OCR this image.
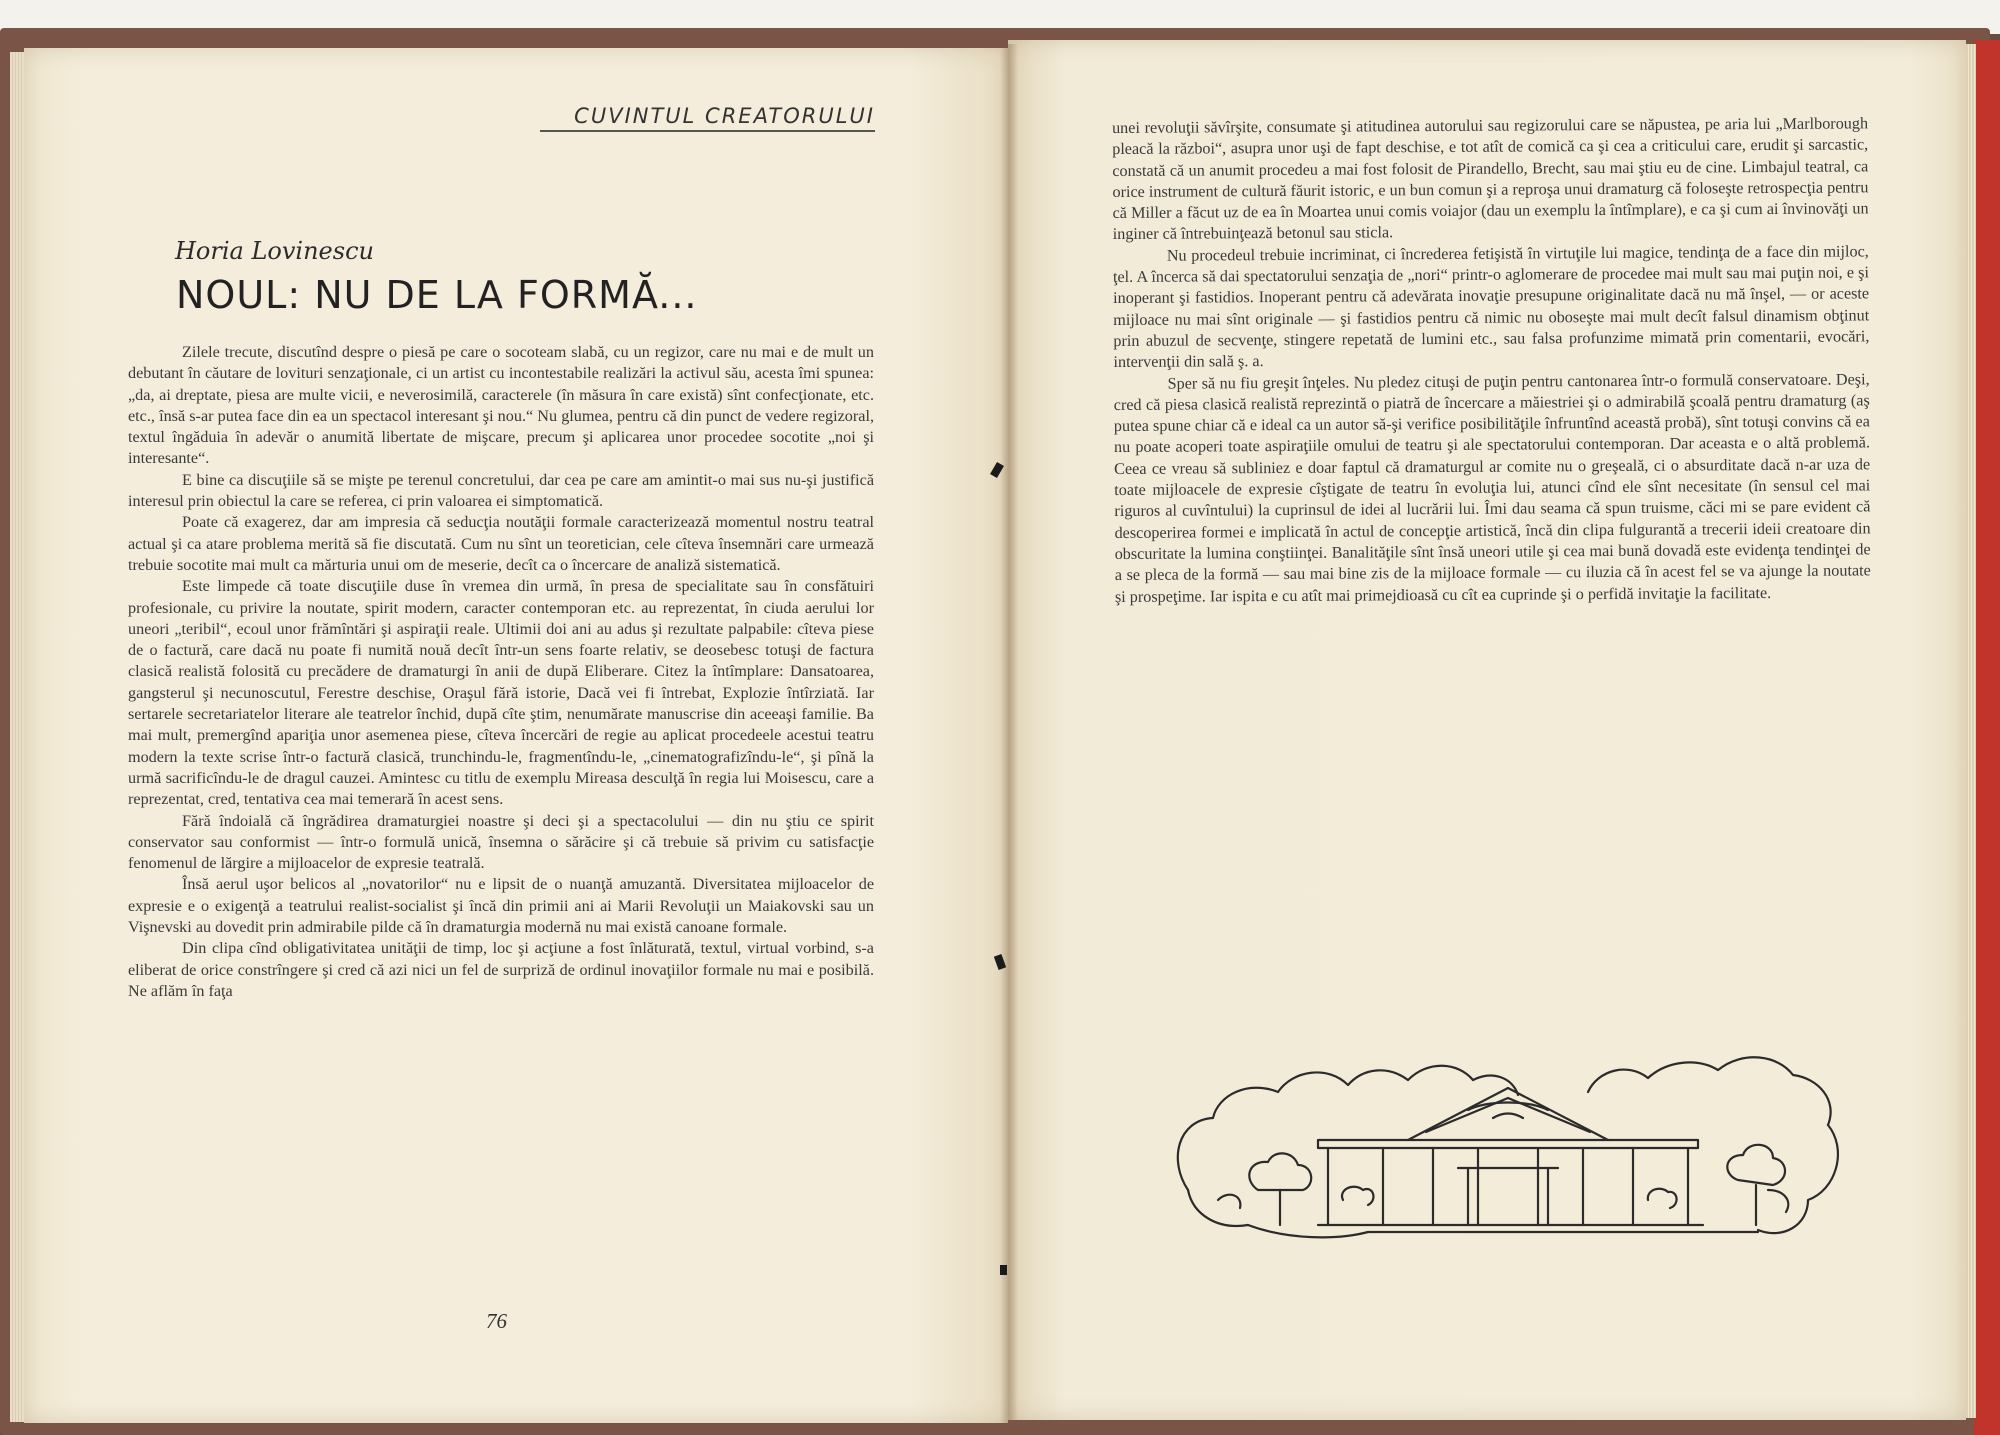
CUVINTUL CREATORULUI
Horia Lovinescu
NOUL: NU DE LA FORMĂ...

Zilele trecute, discutînd despre o piesă pe care o socoteam slabă, cu un regizor, care nu mai e de mult un debutant în căutare de lovituri senzaţionale, ci un artist cu incontestabile realizări la activul său, acesta îmi spunea: „da, ai dreptate, piesa are multe vicii, e neverosimilă, caracterele (în măsura în care există) sînt confecţionate, etc. etc., însă s-ar putea face din ea un spectacol interesant şi nou.“ Nu glumea, pentru că din punct de vedere regizoral, textul îngăduia în adevăr o anumită libertate de mişcare, precum şi aplicarea unor procedee socotite „noi şi interesante“.

E bine ca discuţiile să se mişte pe terenul concretului, dar cea pe care am amintit-o mai sus nu-şi justifică interesul prin obiectul la care se referea, ci prin valoarea ei simptomatică.

Poate că exagerez, dar am impresia că seducţia noutăţii formale caracterizează momentul nostru teatral actual şi ca atare problema merită să fie discutată. Cum nu sînt un teoretician, cele cîteva însemnări care urmează trebuie socotite mai mult ca mărturia unui om de meserie, decît ca o încercare de analiză sistematică.

Este limpede că toate discuţiile duse în vremea din urmă, în presa de specialitate sau în consfătuiri profesionale, cu privire la noutate, spirit modern, caracter contemporan etc. au reprezentat, în ciuda aerului lor uneori „teribil“, ecoul unor frămîntări şi aspiraţii reale. Ultimii doi ani au adus şi rezultate palpabile: cîteva piese de o factură, care dacă nu poate fi numită nouă decît într-un sens foarte relativ, se deosebesc totuşi de factura clasică realistă folosită cu precădere de dramaturgi în anii de după Eliberare. Citez la întîmplare: Dansatoarea, gangsterul şi necunoscutul, Ferestre deschise, Oraşul fără istorie, Dacă vei fi întrebat, Explozie întîrziată. Iar sertarele secretariatelor literare ale teatrelor închid, după cîte ştim, nenumărate manuscrise din aceeaşi familie. Ba mai mult, premergînd apariţia unor asemenea piese, cîteva încercări de regie au aplicat procedeele acestui teatru modern la texte scrise într-o factură clasică, trunchindu-le, fragmentîndu-le, „cinematografizîndu-le“, şi pînă la urmă sacrificîndu-le de dragul cauzei. Amintesc cu titlu de exemplu Mireasa desculţă în regia lui Moisescu, care a reprezentat, cred, tentativa cea mai temerară în acest sens.

Fără îndoială că îngrădirea dramaturgiei noastre şi deci şi a spectacolului — din nu ştiu ce spirit conservator sau conformist — într-o formulă unică, însemna o sărăcire şi că trebuie să privim cu satisfacţie fenomenul de lărgire a mijloacelor de expresie teatrală.

Însă aerul uşor belicos al „novatorilor“ nu e lipsit de o nuanţă amuzantă. Diversitatea mijloacelor de expresie e o exigenţă a teatrului realist-socialist şi încă din primii ani ai Marii Revoluţii un Maiakovski sau un Vişnevski au dovedit prin admirabile pilde că în dramaturgia modernă nu mai există canoane formale.

Din clipa cînd obligativitatea unităţii de timp, loc şi acţiune a fost înlăturată, textul, virtual vorbind, s-a eliberat de orice constrîngere şi cred că azi nici un fel de surpriză de ordinul inovaţiilor formale nu mai e posibilă. Ne aflăm în faţa

76

unei revoluţii săvîrşite, consumate şi atitudinea autorului sau regizorului care se năpustea, pe aria lui „Marlborough pleacă la război“, asupra unor uşi de fapt deschise, e tot atît de comică ca şi cea a criticului care, erudit şi sarcastic, constată că un anumit procedeu a mai fost folosit de Pirandello, Brecht, sau mai ştiu eu de cine. Limbajul teatral, ca orice instrument de cultură făurit istoric, e un bun comun şi a reproşa unui dramaturg că foloseşte retrospecţia pentru că Miller a făcut uz de ea în Moartea unui comis voiajor (dau un exemplu la întîmplare), e ca şi cum ai învinovăţi un inginer că întrebuinţează betonul sau sticla.

Nu procedeul trebuie incriminat, ci încrederea fetişistă în virtuţile lui magice, tendinţa de a face din mijloc, ţel. A încerca să dai spectatorului senzaţia de „nori“ printr-o aglomerare de procedee mai mult sau mai puţin noi, e şi inoperant şi fastidios. Inoperant pentru că adevărata inovaţie presupune originalitate dacă nu mă înşel, — or aceste mijloace nu mai sînt originale — şi fastidios pentru că nimic nu oboseşte mai mult decît falsul dinamism obţinut prin abuzul de secvenţe, stingere repetată de lumini etc., sau falsa profunzime mimată prin comentarii, evocări, intervenţii din sală ş. a.

Sper să nu fiu greşit înţeles. Nu pledez cituşi de puţin pentru cantonarea într-o formulă conservatoare. Deşi, cred că piesa clasică realistă reprezintă o piatră de încercare a măiestriei şi o admirabilă şcoală pentru dramaturg (aş putea spune chiar că e ideal ca un autor să-şi verifice posibilităţile înfruntînd această probă), sînt totuşi convins că ea nu poate acoperi toate aspiraţiile omului de teatru şi ale spectatorului contemporan. Dar aceasta e o altă problemă. Ceea ce vreau să subliniez e doar faptul că dramaturgul ar comite nu o greşeală, ci o absurditate dacă n-ar uza de toate mijloacele de expresie cîştigate de teatru în evoluţia lui, atunci cînd ele sînt necesitate (în sensul cel mai riguros al cuvîntului) la cuprinsul de idei al lucrării lui. Îmi dau seama că spun truisme, căci mi se pare evident că descoperirea formei e implicată în actul de concepţie artistică, încă din clipa fulgurantă a trecerii ideii creatoare din obscuritate la lumina conştiinţei. Banalităţile sînt însă uneori utile şi cea mai bună dovadă este evidenţa tendinţei de a se pleca de la formă — sau mai bine zis de la mijloace formale — cu iluzia că în acest fel se va ajunge la noutate şi prospeţime. Iar ispita e cu atît mai primejdioasă cu cît ea cuprinde şi o perfidă invitaţie la facilitate.
